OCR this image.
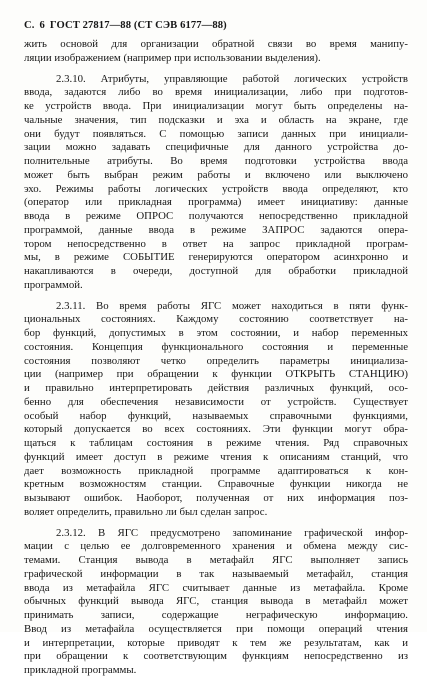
С. 6 ГОСТ 27817—88 (СТ СЭВ 6177—88)
жить основой для организации обратной связи во время манипу-
ляции изображением (например при использовании выделения).
2.3.10. Атрибуты, управляющие работой логических устройств
ввода, задаются либо во время инициализации, либо при подготов-
ке устройств ввода. При инициализации могут быть определены на-
чальные значения, тип подсказки и эха и область на экране, где
они будут появляться. С помощью записи данных при инициали-
зации можно задавать специфичные для данного устройства до-
полнительные атрибуты. Во время подготовки устройства ввода
может быть выбран режим работы и включено или выключено
эхо. Режимы работы логических устройств ввода определяют, кто
(оператор или прикладная программа) имеет инициативу: данные
ввода в режиме ОПРОС получаются непосредственно прикладной
программой, данные ввода в режиме ЗАПРОС задаются опера-
тором непосредственно в ответ на запрос прикладной програм-
мы, в режиме СОБЫТИЕ генерируются оператором асинхронно и
накапливаются в очереди, доступной для обработки прикладной
программой.
2.3.11. Во время работы ЯГС может находиться в пяти функ-
циональных состояниях. Каждому состоянию соответствует на-
бор функций, допустимых в этом состоянии, и набор переменных
состояния. Концепция функционального состояния и переменные
состояния позволяют четко определить параметры инициализа-
ции (например при обращении к функции ОТКРЫТЬ СТАНЦИЮ)
и правильно интерпретировать действия различных функций, осо-
бенно для обеспечения независимости от устройств. Существует
особый набор функций, называемых справочными функциями,
который допускается во всех состояниях. Эти функции могут обра-
щаться к таблицам состояния в режиме чтения. Ряд справочных
функций имеет доступ в режиме чтения к описаниям станций, что
дает возможность прикладной программе адаптироваться к кон-
кретным возможностям станции. Справочные функции никогда не
вызывают ошибок. Наоборот, полученная от них информация поз-
воляет определить, правильно ли был сделан запрос.
2.3.12. В ЯГС предусмотрено запоминание графической инфор-
мации с целью ее долговременного хранения и обмена между сис-
темами. Станция вывода в метафайл ЯГС выполняет запись
графической информации в так называемый метафайл, станция
ввода из метафайла ЯГС считывает данные из метафайла. Кроме
обычных функций вывода ЯГС, станция вывода в метафайл может
принимать записи, содержащие неграфическую информацию.
Ввод из метафайла осуществляется при помощи операций чтения
и интерпретации, которые приводят к тем же результатам, как и
при обращении к соответствующим функциям непосредственно из
прикладной программы.
